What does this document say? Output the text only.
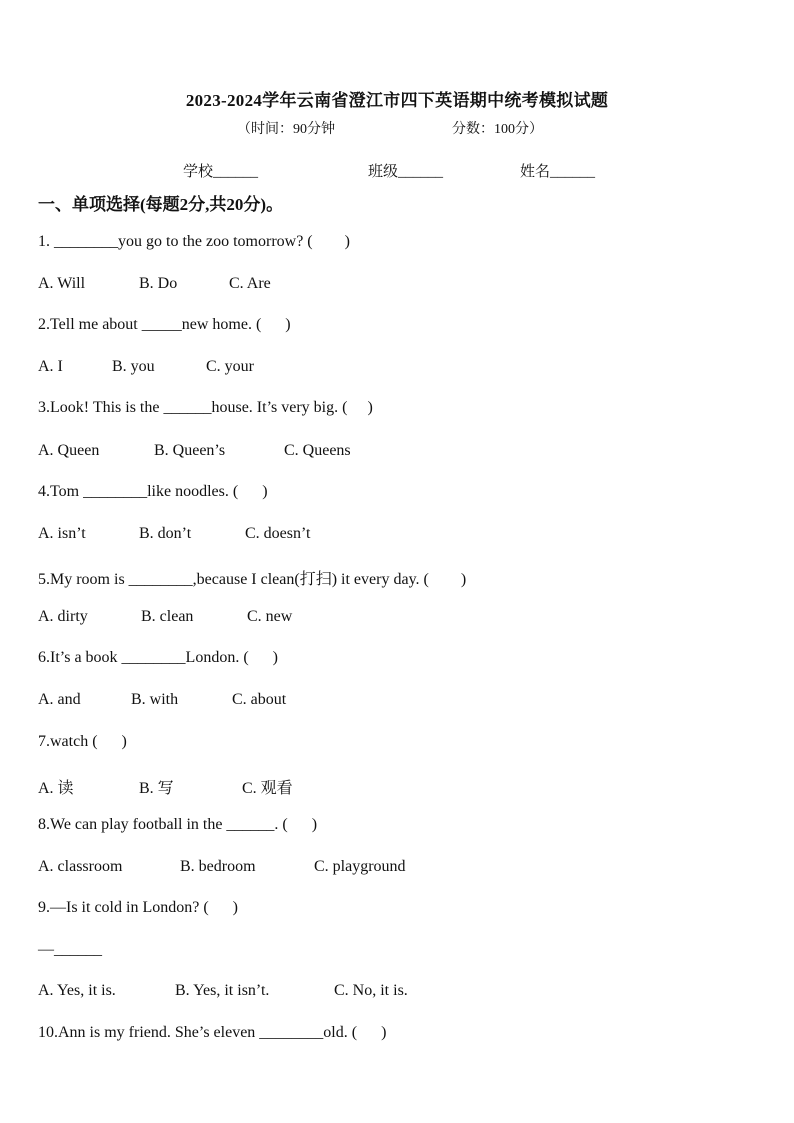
2023-2024学年云南省澄江市四下英语期中统考模拟试题
（时间：90分钟	分数：100分）
学校______	班级______	姓名______
一、单项选择(每题2分,共20分)。
1. ________you go to the zoo tomorrow? (        )
A. Will	B. Do	C. Are
2.Tell me about _____new home. (      )
A. I	B. you	C. your
3.Look! This is the ______house. It’s very big. (     )
A. Queen	B. Queen’s	C. Queens
4.Tom ________like noodles. (      )
A. isn’t	B. don’t	C. doesn’t
5.My room is ________,because I clean(打扫) it every day. (        )
A. dirty	B. clean	C. new
6.It’s a book ________London. (      )
A. and	B. with	C. about
7.watch (      )
A. 读	B. 写	C. 观看
8.We can play football in the ______. (      )
A. classroom	B. bedroom	C. playground
9.—Is it cold in London? (      )
—______
A. Yes, it is.	B. Yes, it isn’t.	C. No, it is.
10.Ann is my friend. She’s eleven ________old. (      )
